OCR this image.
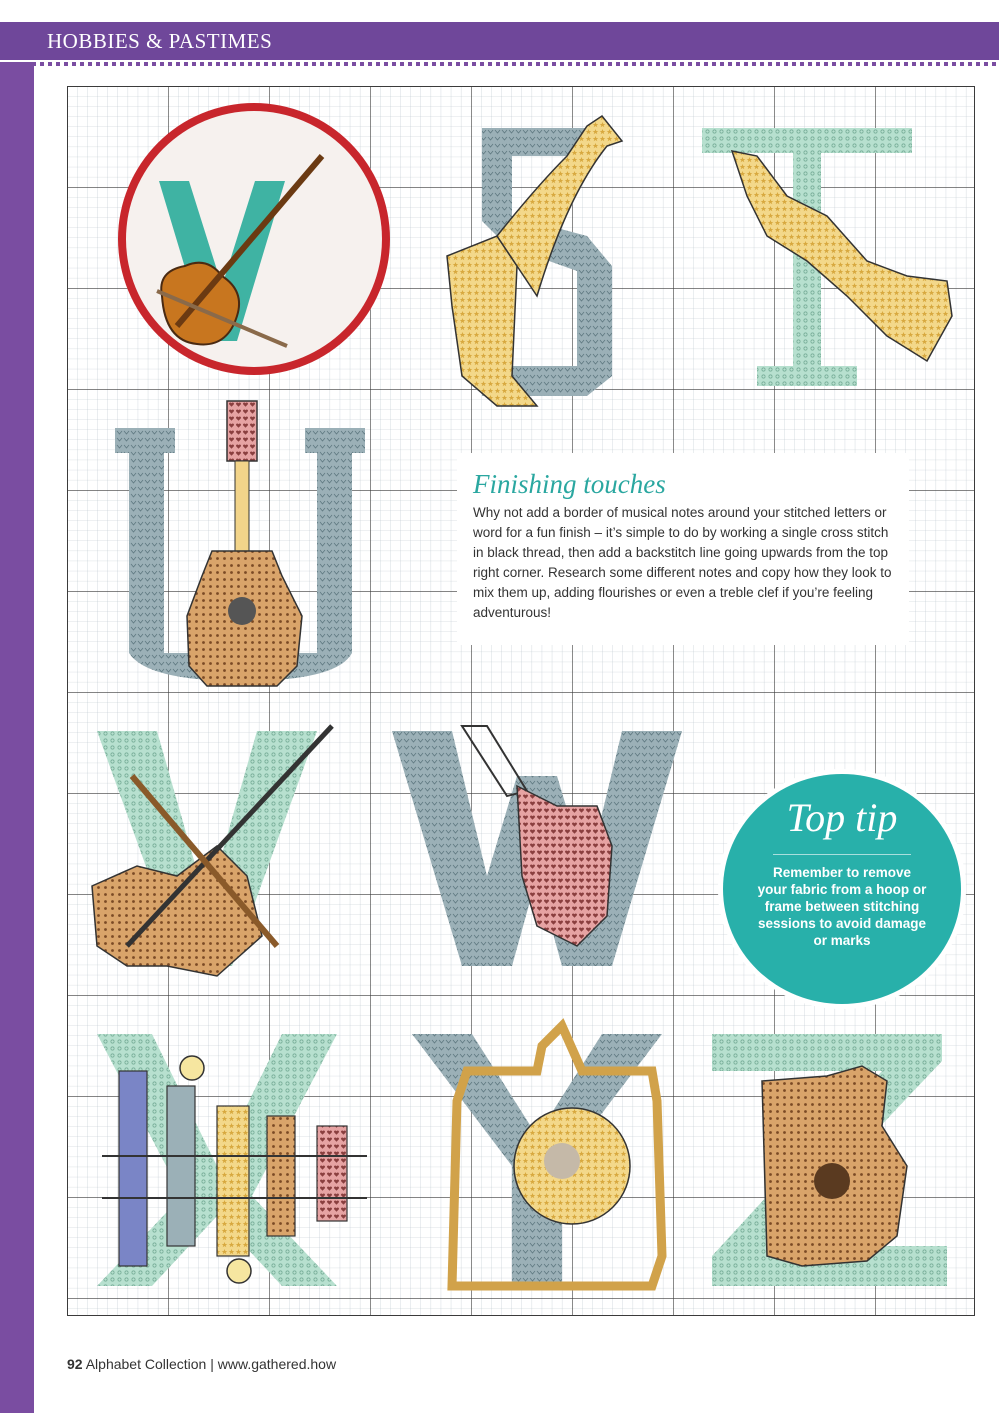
HOBBIES & PASTIMES
Finishing touches
Why not add a border of musical notes around your stitched letters or word for a fun finish – it’s simple to do by working a single cross stitch in black thread, then add a backstitch line going upwards from the top right corner. Research some different notes and copy how they look to mix them up, adding flourishes or even a treble clef if you’re feeling adventurous!
Top tip
Remember to remove your fabric from a hoop or frame between stitching sessions to avoid damage or marks
92 Alphabet Collection | www.gathered.how
